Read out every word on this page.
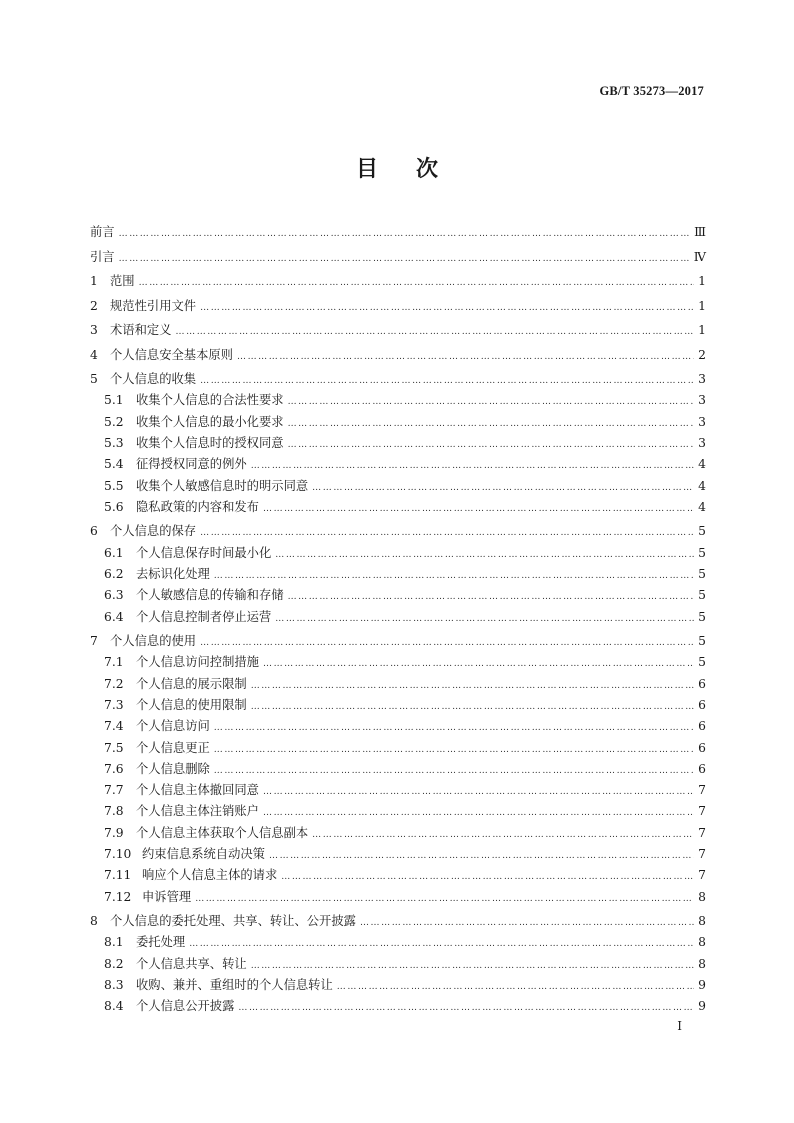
GB/T 35273—2017
目 次
前言 …………………………………………………………………………………………………………………………………………………………………………………………………………………………………………	Ⅲ
引言 …………………………………………………………………………………………………………………………………………………………………………………………………………………………………………	Ⅳ
1 范围 …………………………………………………………………………………………………………………………………………………………………………………………………………………………………………	1
2 规范性引用文件 …………………………………………………………………………………………………………………………………………………………………………………………………………………………………………	1
3 术语和定义 …………………………………………………………………………………………………………………………………………………………………………………………………………………………………………	1
4 个人信息安全基本原则 …………………………………………………………………………………………………………………………………………………………………………………………………………………………………………	2
5 个人信息的收集 …………………………………………………………………………………………………………………………………………………………………………………………………………………………………………	3
5.1	收集个人信息的合法性要求 …………………………………………………………………………………………………………………………………………………………………………………………………………………………………………	3
5.2	收集个人信息的最小化要求 …………………………………………………………………………………………………………………………………………………………………………………………………………………………………………	3
5.3	收集个人信息时的授权同意 …………………………………………………………………………………………………………………………………………………………………………………………………………………………………………	3
5.4	征得授权同意的例外 …………………………………………………………………………………………………………………………………………………………………………………………………………………………………………	4
5.5	收集个人敏感信息时的明示同意 …………………………………………………………………………………………………………………………………………………………………………………………………………………………………………	4
5.6	隐私政策的内容和发布 …………………………………………………………………………………………………………………………………………………………………………………………………………………………………………	4
6 个人信息的保存 …………………………………………………………………………………………………………………………………………………………………………………………………………………………………………	5
6.1	个人信息保存时间最小化 …………………………………………………………………………………………………………………………………………………………………………………………………………………………………………	5
6.2	去标识化处理 …………………………………………………………………………………………………………………………………………………………………………………………………………………………………………	5
6.3	个人敏感信息的传输和存储 …………………………………………………………………………………………………………………………………………………………………………………………………………………………………………	5
6.4	个人信息控制者停止运营 …………………………………………………………………………………………………………………………………………………………………………………………………………………………………………	5
7 个人信息的使用 …………………………………………………………………………………………………………………………………………………………………………………………………………………………………………	5
7.1	个人信息访问控制措施 …………………………………………………………………………………………………………………………………………………………………………………………………………………………………………	5
7.2	个人信息的展示限制 …………………………………………………………………………………………………………………………………………………………………………………………………………………………………………	6
7.3	个人信息的使用限制 …………………………………………………………………………………………………………………………………………………………………………………………………………………………………………	6
7.4	个人信息访问 …………………………………………………………………………………………………………………………………………………………………………………………………………………………………………	6
7.5	个人信息更正 …………………………………………………………………………………………………………………………………………………………………………………………………………………………………………	6
7.6	个人信息删除 …………………………………………………………………………………………………………………………………………………………………………………………………………………………………………	6
7.7	个人信息主体撤回同意 …………………………………………………………………………………………………………………………………………………………………………………………………………………………………………	7
7.8	个人信息主体注销账户 …………………………………………………………………………………………………………………………………………………………………………………………………………………………………………	7
7.9	个人信息主体获取个人信息副本 …………………………………………………………………………………………………………………………………………………………………………………………………………………………………………	7
7.10 约束信息系统自动决策 …………………………………………………………………………………………………………………………………………………………………………………………………………………………………………	7
7.11 响应个人信息主体的请求 …………………………………………………………………………………………………………………………………………………………………………………………………………………………………………	7
7.12 申诉管理 …………………………………………………………………………………………………………………………………………………………………………………………………………………………………………	8
8 个人信息的委托处理、共享、转让、公开披露 …………………………………………………………………………………………………………………………………………………………………………………………………………………………………………	8
8.1	委托处理 …………………………………………………………………………………………………………………………………………………………………………………………………………………………………………	8
8.2	个人信息共享、转让 …………………………………………………………………………………………………………………………………………………………………………………………………………………………………………	8
8.3	收购、兼并、重组时的个人信息转让 …………………………………………………………………………………………………………………………………………………………………………………………………………………………………………	9
8.4	个人信息公开披露 …………………………………………………………………………………………………………………………………………………………………………………………………………………………………………	9
I
